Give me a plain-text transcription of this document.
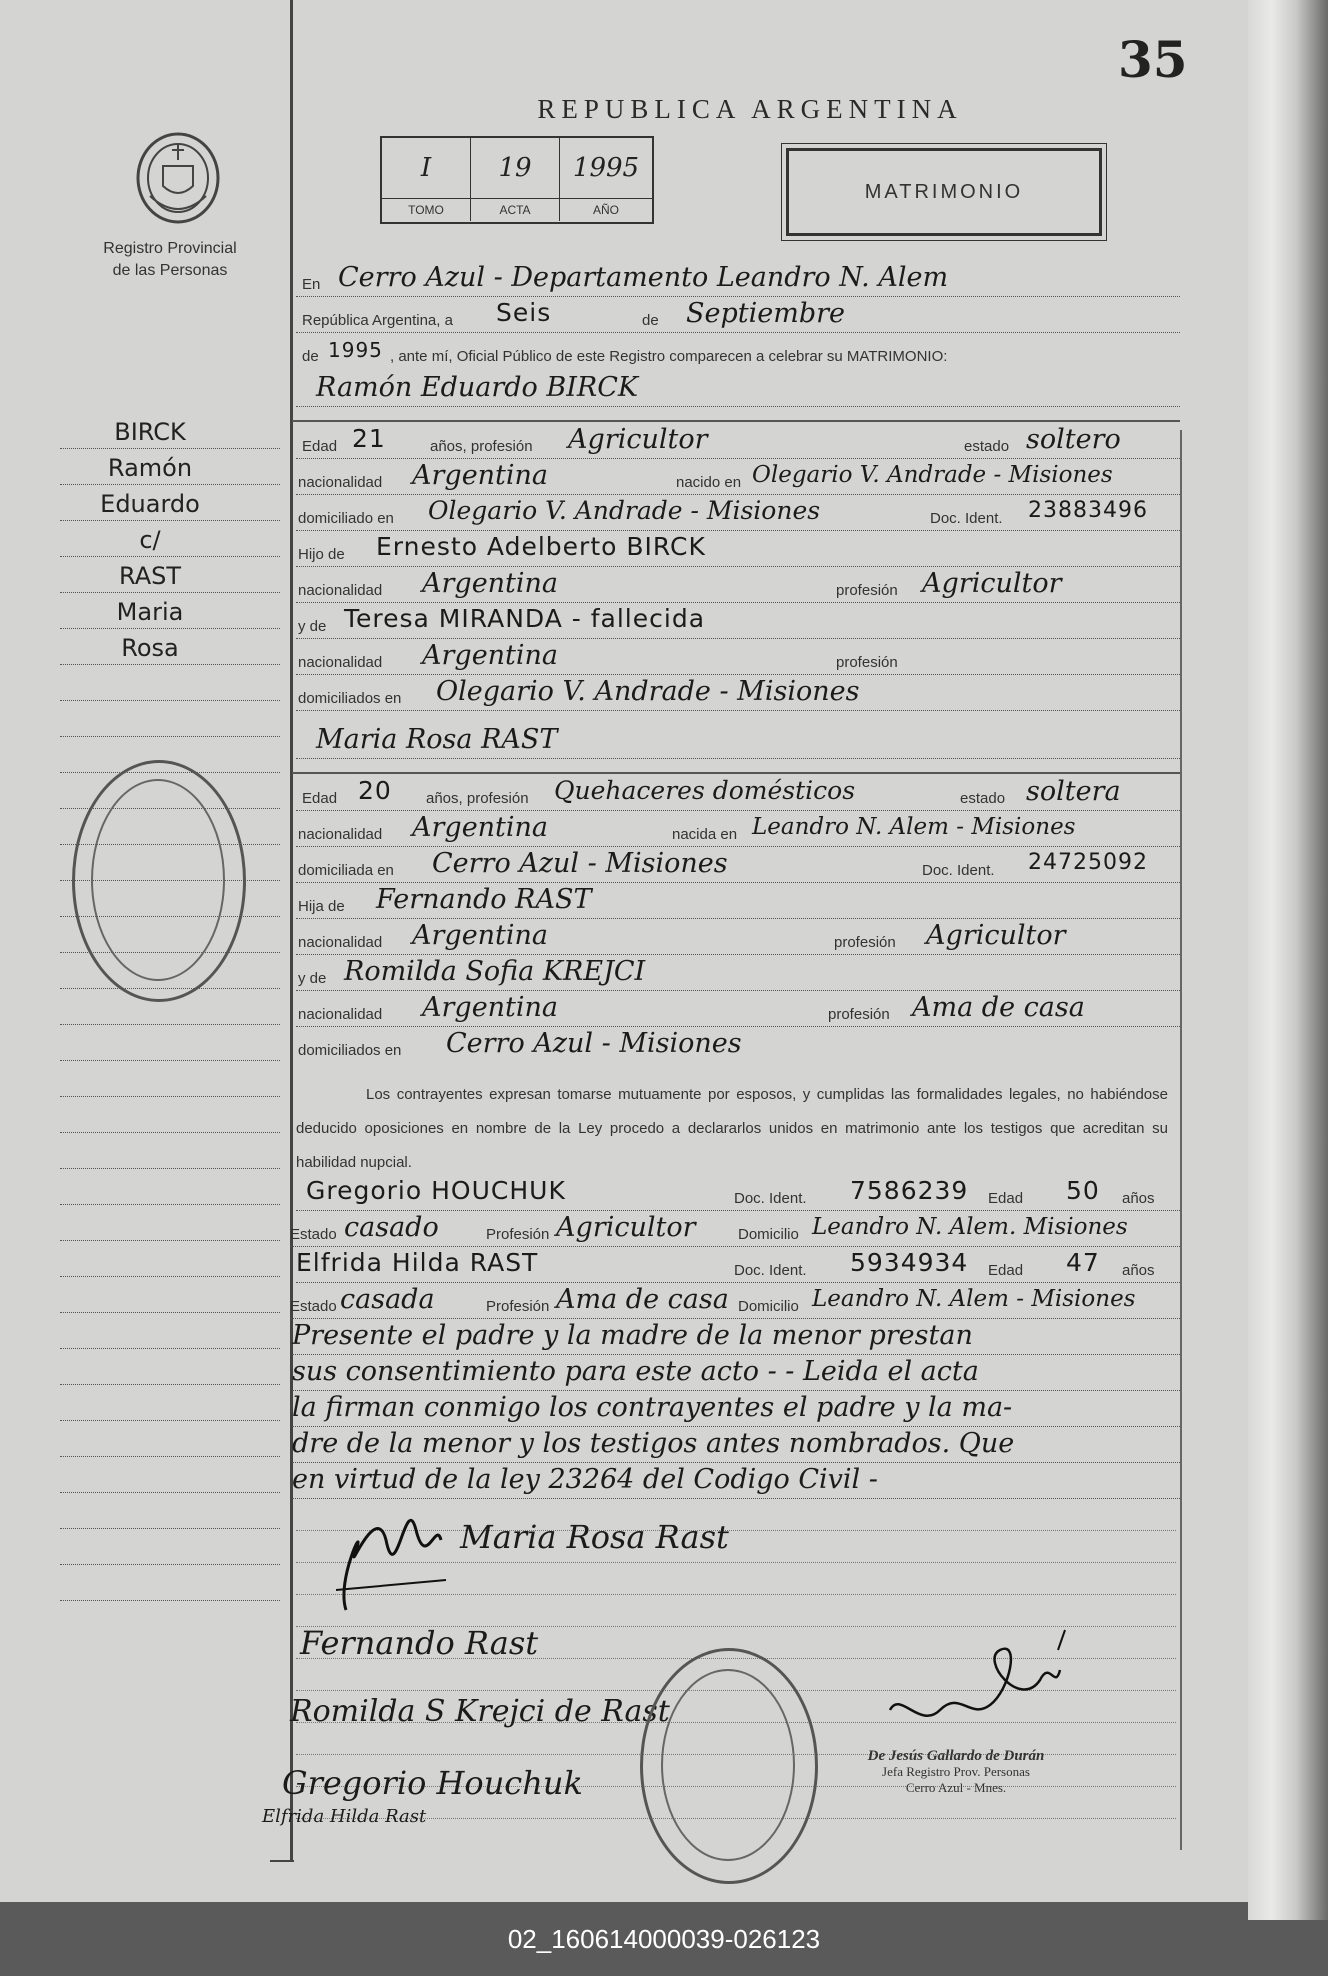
35
REPUBLICA ARGENTINA
Registro Provincial
de las Personas
I	19	1995
TOMO	ACTA	AÑO
MATRIMONIO
En Cerro Azul - Departamento Leandro N. Alem
República Argentina, a Seis	de Septiembre
de 1995 , ante mí, Oficial Público de este Registro comparecen a celebrar su MATRIMONIO:
Ramón Eduardo BIRCK
Edad 21	años, profesión Agricultor	estado soltero
nacionalidad Argentina	nacido en Olegario V. Andrade - Misiones
domiciliado en Olegario V. Andrade - Misiones	Doc. Ident. 23883496
Hijo de Ernesto Adelberto BIRCK
nacionalidad Argentina	profesión Agricultor
y de Teresa MIRANDA - fallecida
nacionalidad Argentina	profesión
domiciliados en Olegario V. Andrade - Misiones
Maria Rosa RAST
Edad 20 años, profesión Quehaceres domésticos	estado soltera
nacionalidad Argentina	nacida en Leandro N. Alem - Misiones
domiciliada en Cerro Azul - Misiones	Doc. Ident. 24725092
Hija de Fernando RAST
nacionalidad Argentina	profesión Agricultor
y de Romilda Sofia KREJCI
nacionalidad Argentina	profesión Ama de casa
domiciliados en Cerro Azul - Misiones
Los contrayentes expresan tomarse mutuamente por esposos, y cumplidas las formalidades legales, no habiéndose deducido oposiciones en nombre de la Ley procedo a declararlos unidos en matrimonio ante los testigos que acreditan su habilidad nupcial.
Gregorio HOUCHUK	Doc. Ident. 7586239 Edad 50 años
Estado casado	Profesión Agricultor	Domicilio Leandro N. Alem. Misiones
Elfrida Hilda RAST	Doc. Ident. 5934934 Edad 47 años
Estado casada	Profesión Ama de casa Domicilio Leandro N. Alem - Misiones
Presente el padre y la madre de la menor prestan
sus consentimiento para este acto - - Leida el acta
la firman conmigo los contrayentes el padre y la ma-
dre de la menor y los testigos antes nombrados. Que
en virtud de la ley 23264 del Codigo Civil -
Maria Rosa Rast
Fernando Rast
Romilda S Krejci de Rast
Gregorio Houchuk
Elfrida Hilda Rast
De Jesús Gallardo de Durán
Jefa Registro Prov. Personas
Cerro Azul - Mnes.
BIRCK
Ramón
Eduardo
c/
RAST
Maria
Rosa
02_160614000039-026123
